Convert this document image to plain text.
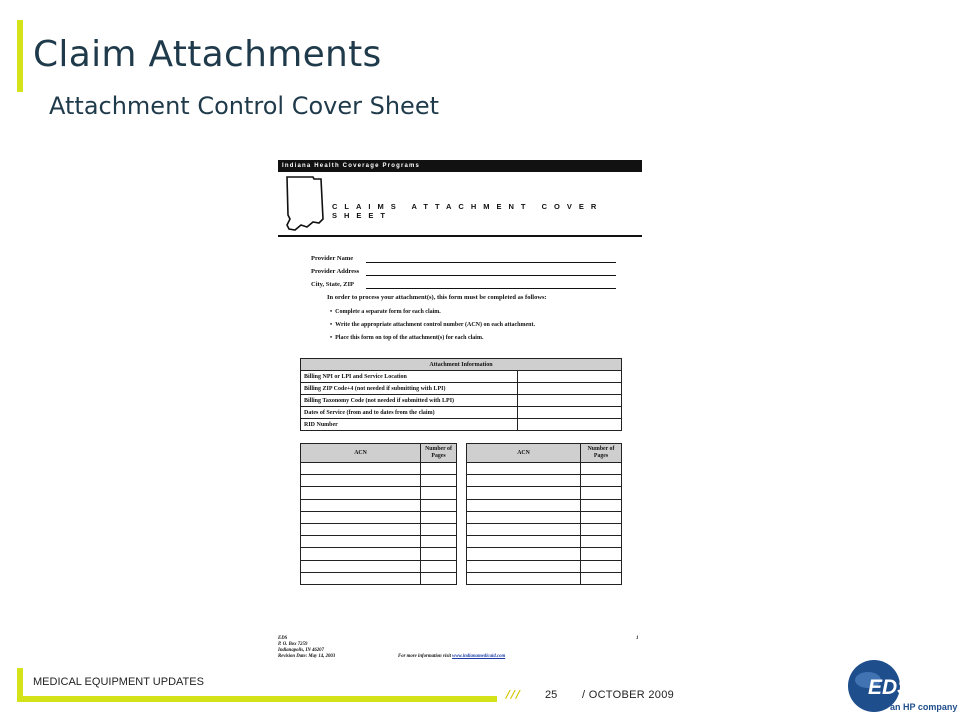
Claim Attachments
Attachment Control Cover Sheet
Indiana Health Coverage Programs
CLAIMS ATTACHMENT COVER SHEET
Provider Name
Provider Address
City, State, ZIP
In order to process your attachment(s), this form must be completed as follows:
•  Complete a separate form for each claim.
•  Write the appropriate attachment control number (ACN) on each attachment.
•  Place this form on top of the attachment(s) for each claim.
Attachment Information	
Billing NPI or LPI and Service Location	
Billing ZIP Code+4 (not needed if submitting with LPI)	
Billing Taxonomy Code (not needed if submitted with LPI)	
Dates of Service (from and to dates from the claim)	
RID Number	
ACN	Number of Pages

ACN	Number of Pages

EDS
P. O. Box 7259
Indianapolis, IN 46207
Revision Date: May 14, 2003	For more information visit www.indianamedicaid.com
1
MEDICAL EQUIPMENT UPDATES
/// 25 / OCTOBER 2009	EDS
an HP company
